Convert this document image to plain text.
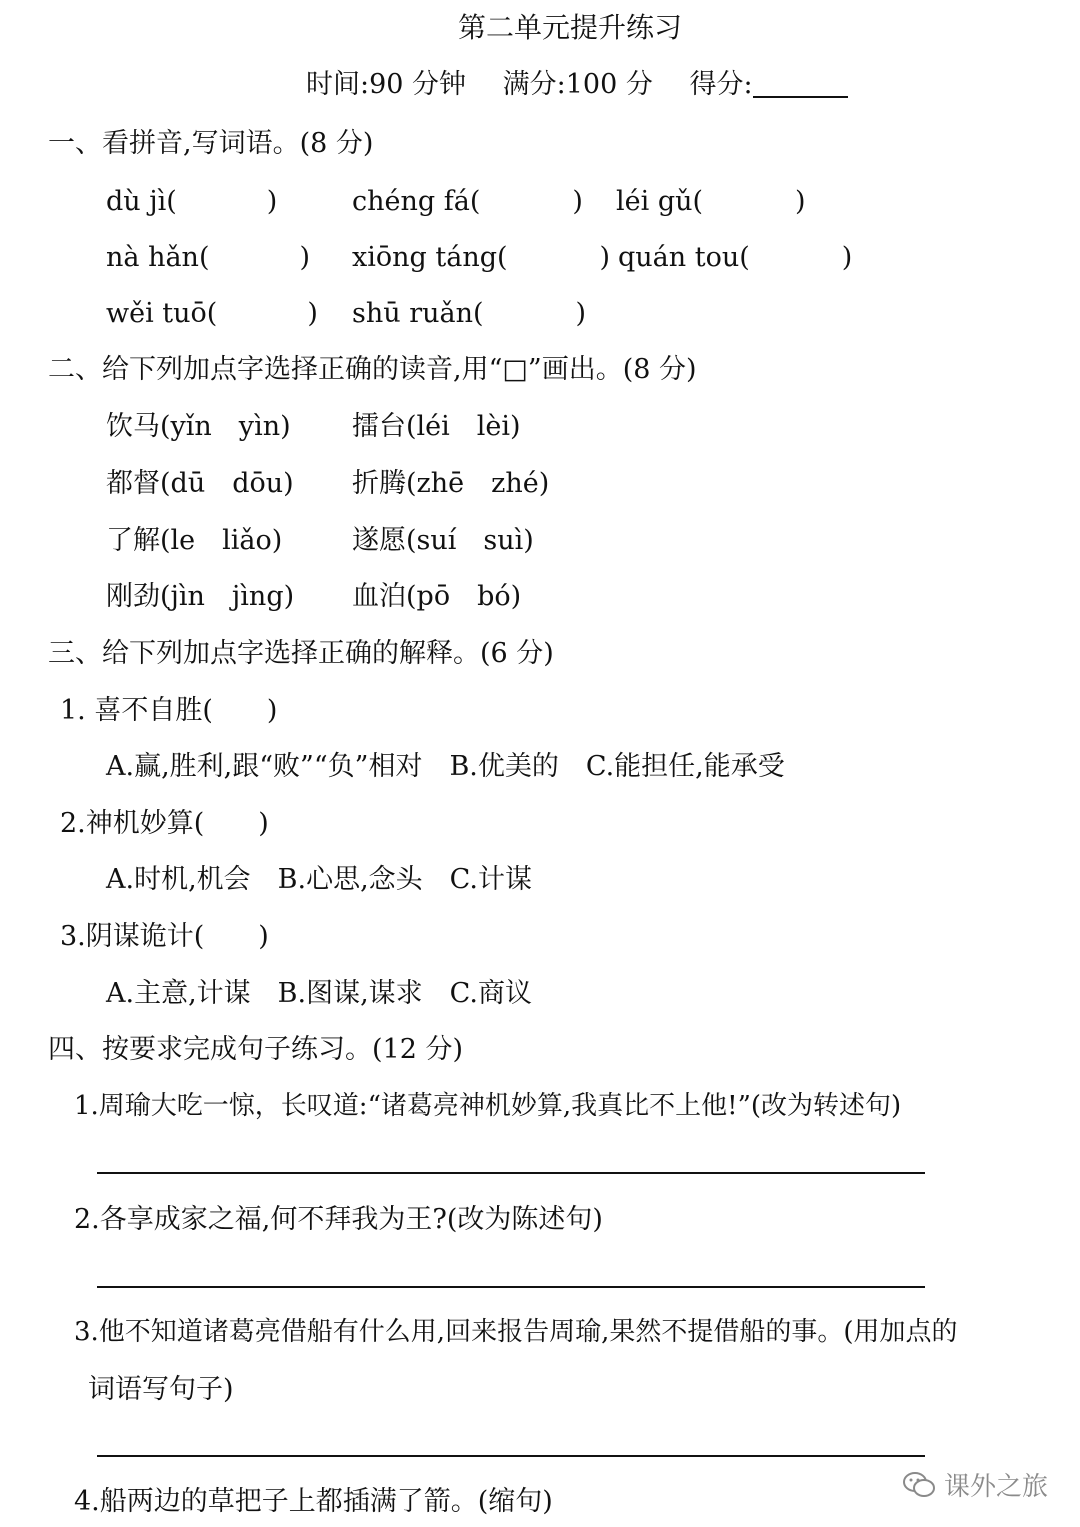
第二单元提升练习
时间:90 分钟 满分:100 分 得分:
一、看拼音,写词语。(8 分)
dù jì(	)	chéng fá(	) léi gǔ(	)
nà hǎn(	) xiōng táng(	) quán tou(	)
wěi tuō(	) shū ruǎn(	)
二、给下列加点字选择正确的读音,用“□”画出。(8 分)
饮马(yǐn　yìn) 擂台(léi　lèi)
都督(dū　dōu) 折腾(zhē　zhé)
了解(le　liǎo)	遂愿(suí　suì)
刚劲(jìn　jìng) 血泊(pō　bó)
三、给下列加点字选择正确的解释。(6 分)
1. 喜不自胜(　　)
A.赢,胜利,跟“败”“负”相对　B.优美的　C.能担任,能承受
2.神机妙算(　　)
A.时机,机会　B.心思,念头　C.计谋
3.阴谋诡计(　　)
A.主意,计谋　B.图谋,谋求　C.商议
四、按要求完成句子练习。(12 分)
1.周瑜大吃一惊，长叹道:“诸葛亮神机妙算,我真比不上他!”(改为转述句)
2.各享成家之福,何不拜我为王?(改为陈述句)
3.他不知道诸葛亮借船有什么用,回来报告周瑜,果然不提借船的事。(用加点的
词语写句子)
4.船两边的草把子上都插满了箭。(缩句)	课外之旅
